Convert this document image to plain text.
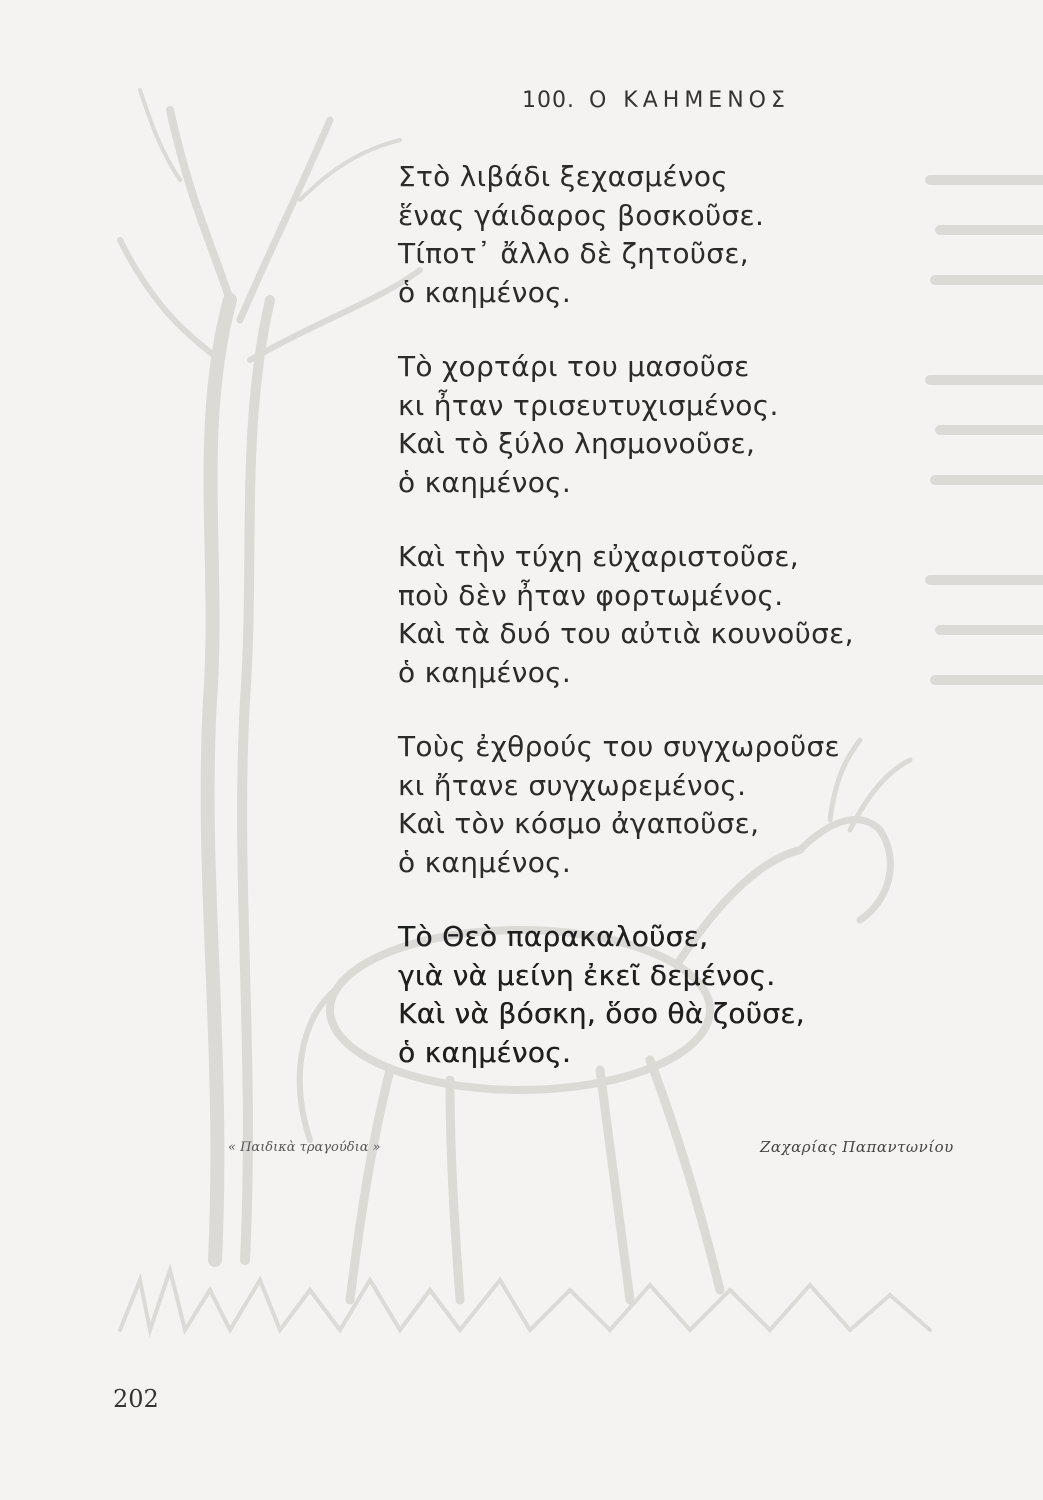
100. Ο ΚΑΗΜΕΝΟΣ
Στὸ λιβάδι ξεχασμένος
ἕνας γάιδαρος βοσκοῦσε.
Τίποτ᾽ ἄλλο δὲ ζητοῦσε,
ὁ καημένος.
Τὸ χορτάρι του μασοῦσε
κι ἦταν τρισευτυχισμένος.
Καὶ τὸ ξύλο λησμονοῦσε,
ὁ καημένος.
Καὶ τὴν τύχη εὐχαριστοῦσε,
ποὺ δὲν ἦταν φορτωμένος.
Καὶ τὰ δυό του αὐτιὰ κουνοῦσε,
ὁ καημένος.
Τοὺς ἐχθρούς του συγχωροῦσε
κι ἤτανε συγχωρεμένος.
Καὶ τὸν κόσμο ἀγαποῦσε,
ὁ καημένος.
Τὸ Θεὸ παρακαλοῦσε,
γιὰ νὰ μείνη ἐκεῖ δεμένος.
Καὶ νὰ βόσκη, ὅσο θὰ ζοῦσε,
ὁ καημένος.
« Παιδικὰ τραγούδια »	Ζαχαρίας Παπαντωνίου
202
